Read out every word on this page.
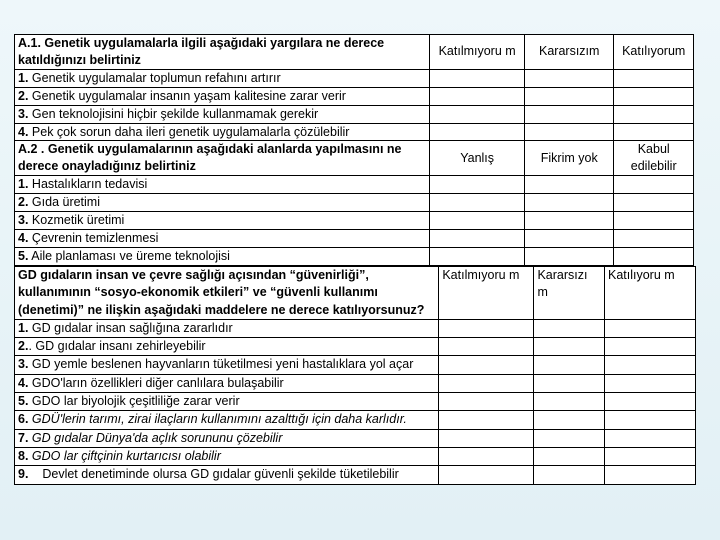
A.1. Genetik uygulamalarla ilgili aşağıdaki yargılara ne derece katıldığınızı belirtiniz	Katılmıyoru m	Kararsızım	Katılıyorum
1. Genetik uygulamalar toplumun refahını artırır			
2. Genetik uygulamalar insanın yaşam kalitesine zarar verir			
3. Gen teknolojisini hiçbir şekilde kullanmamak gerekir			
4. Pek çok sorun daha ileri genetik uygulamalarla çözülebilir			
A.2 . Genetik uygulamalarının aşağıdaki alanlarda yapılmasını ne derece onayladığınız belirtiniz	Yanlış	Fikrim yok	Kabul edilebilir
1. Hastalıkların tedavisi			
2. Gıda üretimi			
3. Kozmetik üretimi			
4. Çevrenin temizlenmesi			
5. Aile planlaması ve üreme teknolojisi			
GD gıdaların insan ve çevre sağlığı açısından “güvenirliği”, kullanımının “sosyo-ekonomik etkileri” ve “güvenli kullanımı (denetimi)” ne ilişkin aşağıdaki maddelere ne derece katılıyorsunuz?	Katılmıyoru m	Kararsızı m	Katılıyoru m
1. GD gıdalar insan sağlığına zararlıdır			
2.. GD gıdalar insanı zehirleyebilir			
3. GD yemle beslenen hayvanların tüketilmesi yeni hastalıklara yol açar			
4. GDO'ların özellikleri diğer canlılara bulaşabilir			
5. GDO lar biyolojik çeşitliliğe zarar verir			
6. GDÜ'lerin tarımı, zirai ilaçların kullanımını azalttığı için daha karlıdır.			
7. GD gıdalar Dünya'da açlık sorununu çözebilir			
8. GDO lar çiftçinin kurtarıcısı olabilir			
9. Devlet denetiminde olursa GD gıdalar güvenli şekilde tüketilebilir			
